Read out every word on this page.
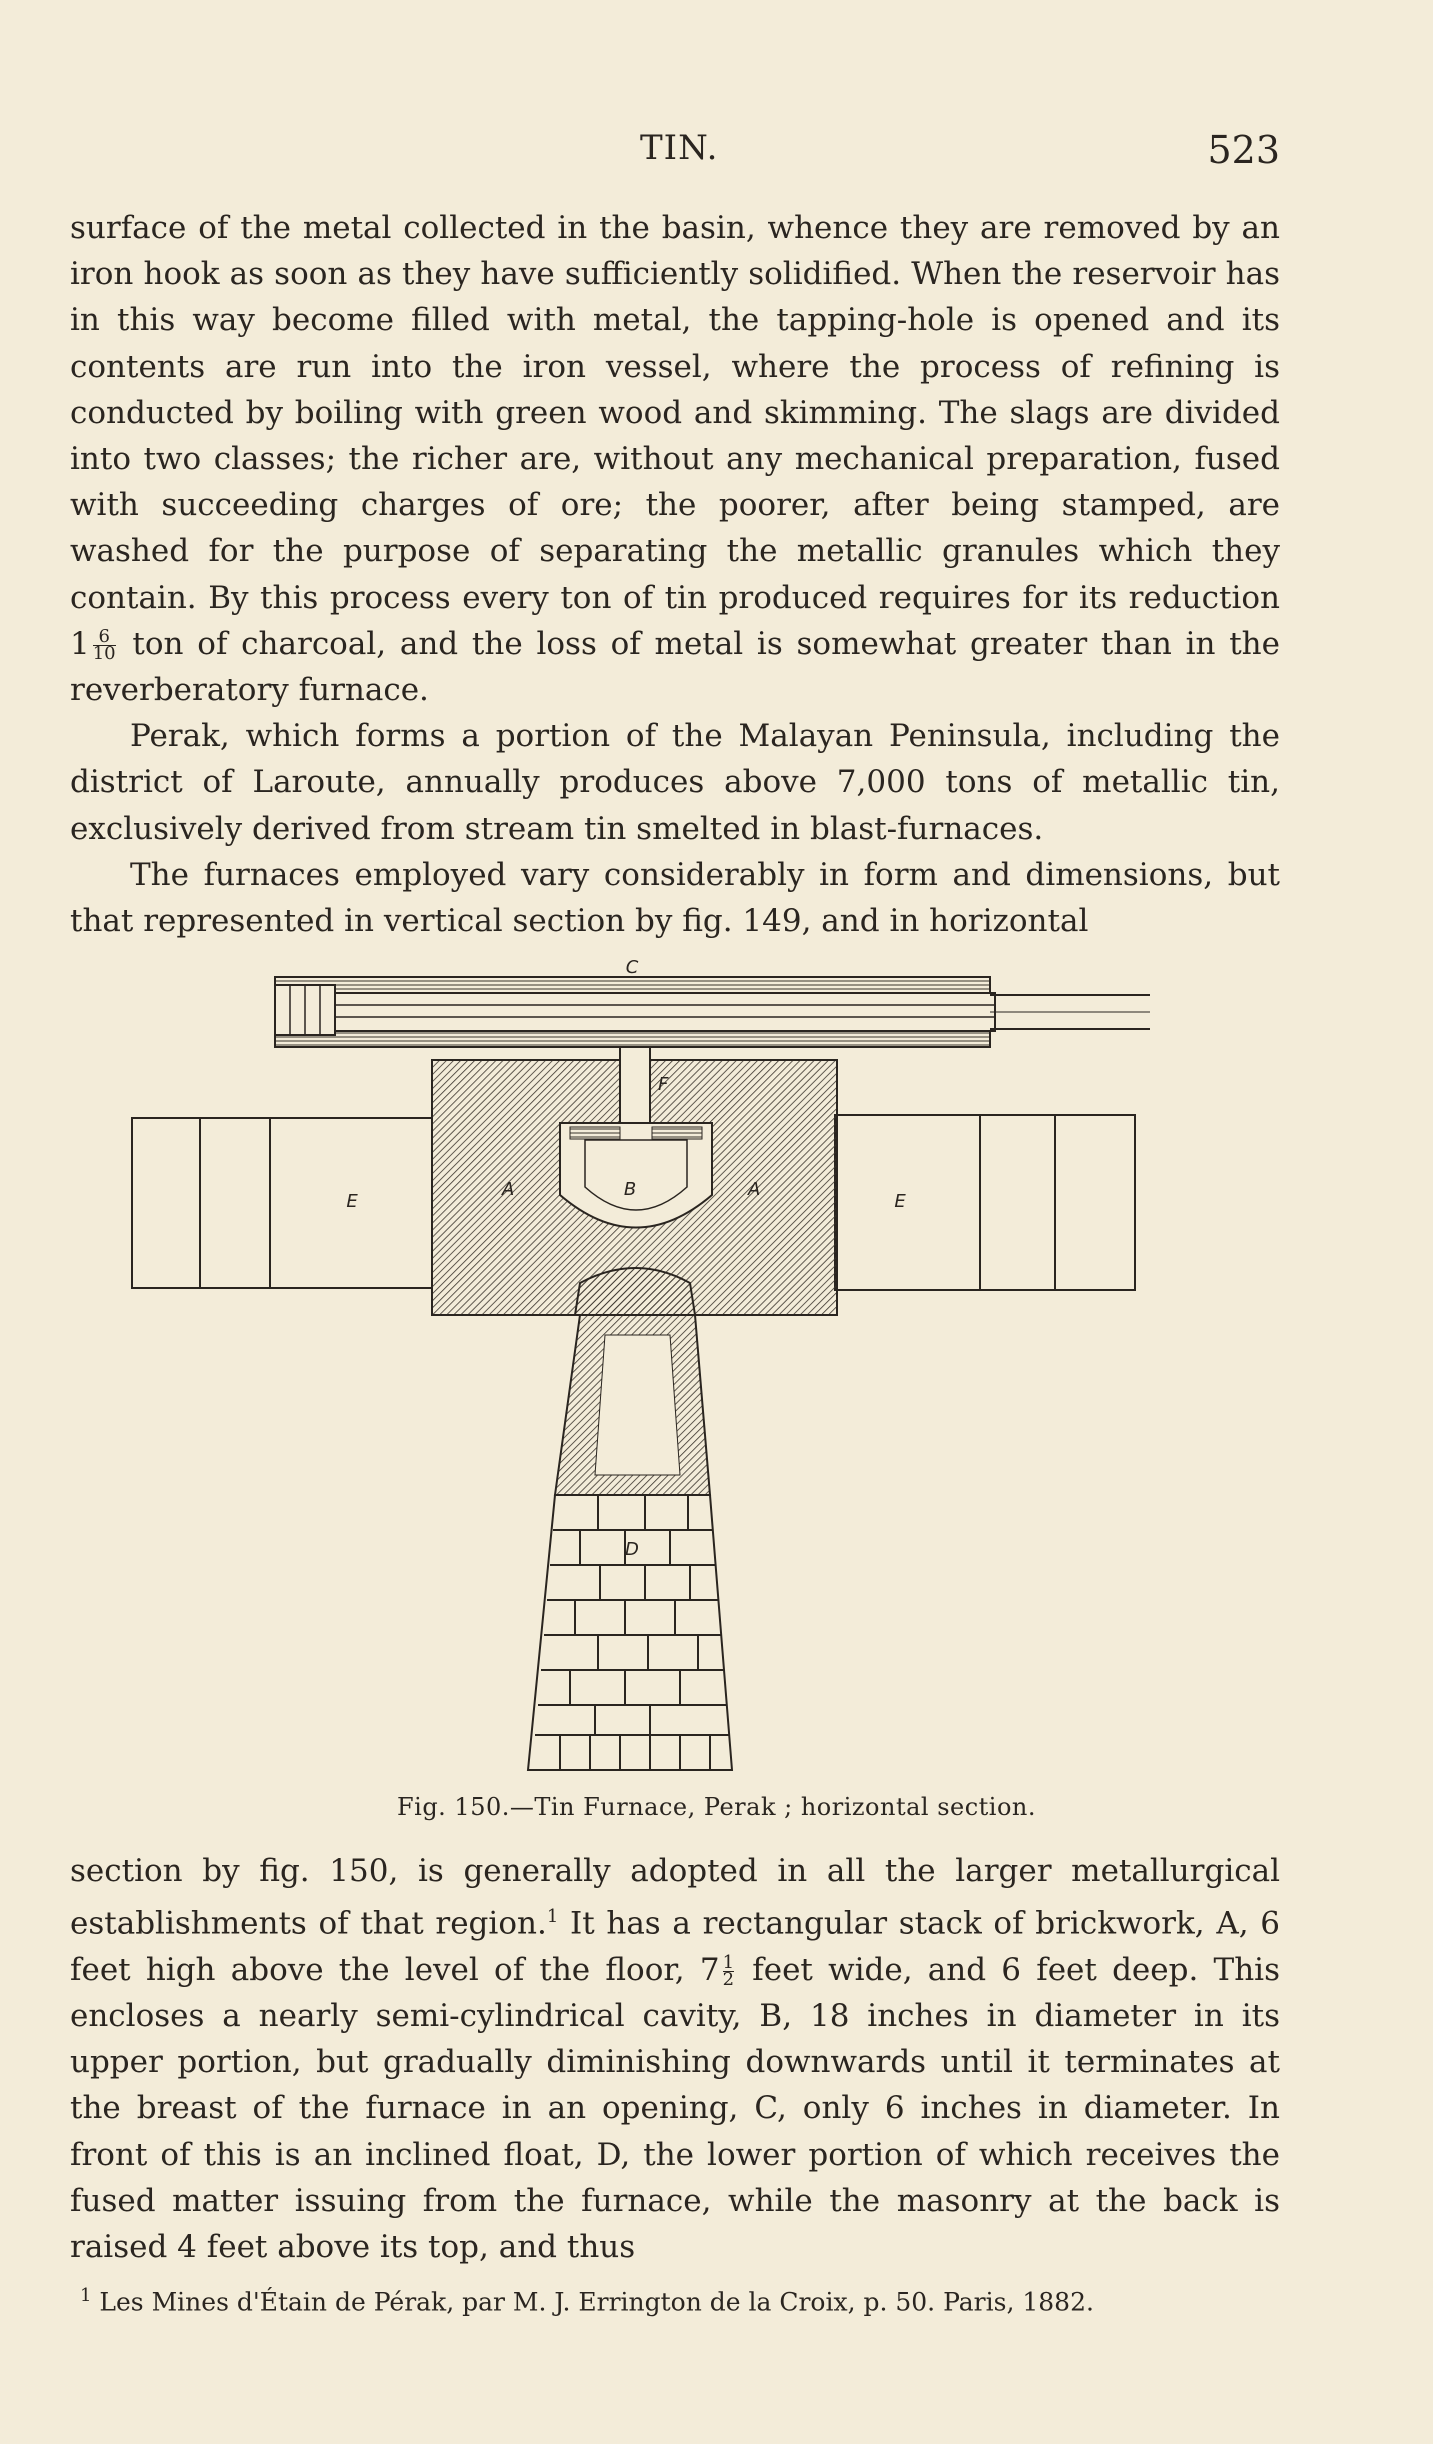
TIN.	523

surface of the metal collected in the basin, whence they are removed by an iron hook as soon as they have sufficiently solidified. When the reservoir has in this way become filled with metal, the tapping-hole is opened and its contents are run into the iron vessel, where the process of refining is conducted by boiling with green wood and skimming. The slags are divided into two classes; the richer are, without any mechanical preparation, fused with succeeding charges of ore; the poorer, after being stamped, are washed for the purpose of separating the metallic granules which they contain. By this process every ton of tin produced requires for its reduction $1 \frac{6}{10}$ ton of charcoal, and the loss of metal is somewhat greater than in the reverberatory furnace.

Perak, which forms a portion of the Malayan Peninsula, including the district of Laroute, annually produces above 7,000 tons of metallic tin, exclusively derived from stream tin smelted in blast-furnaces.

The furnaces employed vary considerably in form and dimensions, but that represented in vertical section by fig. 149, and in horizontal

C
E	E
F
A	B	A
D
Fig. 150.—Tin Furnace, Perak ; horizontal section.

section by fig. 150, is generally adopted in all the larger metallurgical establishments of that region.$^1$ It has a rectangular stack of brickwork, A, 6 feet high above the level of the floor, $7 \frac{1}{2}$ feet wide, and 6 feet deep. This encloses a nearly semi-cylindrical cavity, B, 18 inches in diameter in its upper portion, but gradually diminishing downwards until it terminates at the breast of the furnace in an opening, C, only 6 inches in diameter. In front of this is an inclined float, D, the lower portion of which receives the fused matter issuing from the furnace, while the masonry at the back is raised 4 feet above its top, and thus

$^1$ Les Mines d'Étain de Pérak, par M. J. Errington de la Croix, p. 50. Paris, 1882.
